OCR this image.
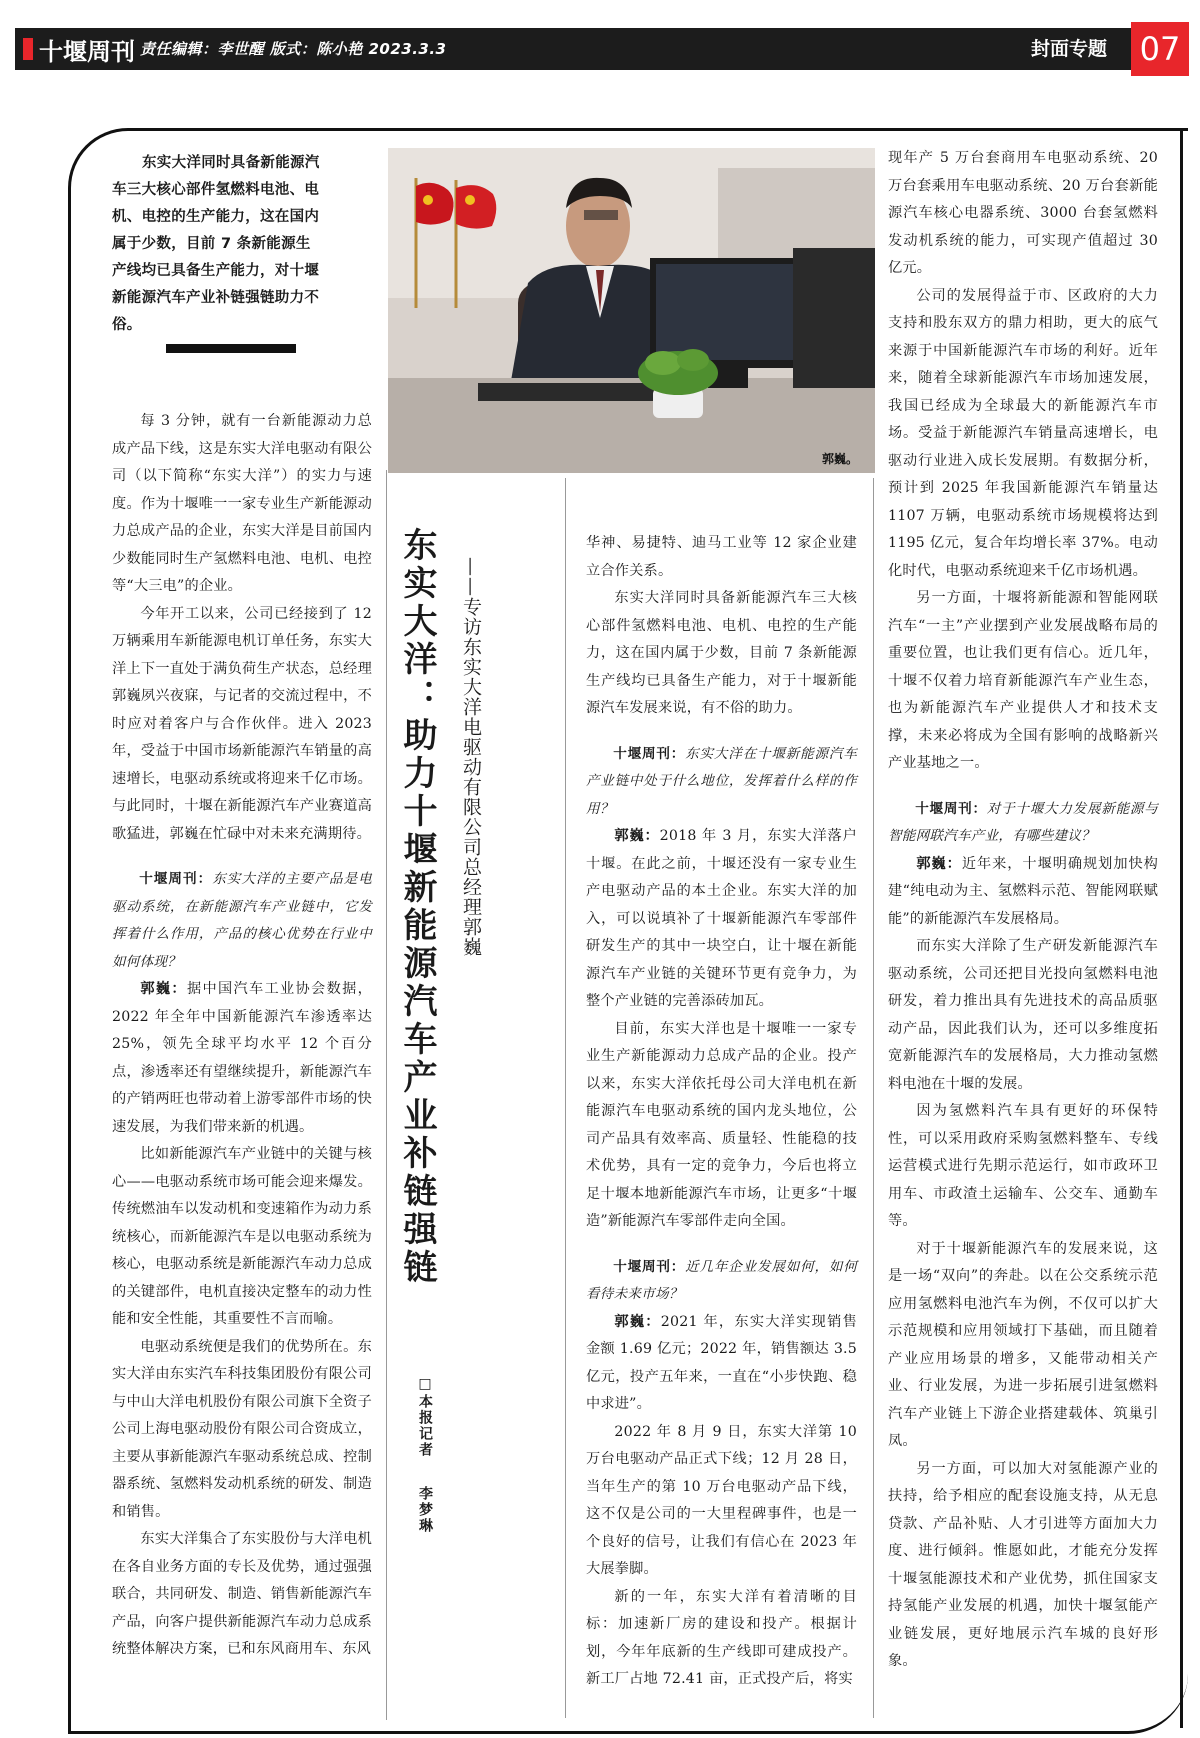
十堰周刊 责任编辑：李世醒 版式：陈小艳 2023.3.3	封面专题 07
东实大洋同时具备新能源汽车三大核心部件氢燃料电池、电机、电控的生产能力，这在国内属于少数，目前 7 条新能源生产线均已具备生产能力，对十堰新能源汽车产业补链强链助力不俗。
郭巍。
东实大洋：助力十堰新能源汽车产业补链强链 ——专访东实大洋电驱动有限公司总经理郭巍
□本报记者
李梦琳

每 3 分钟，就有一台新能源动力总成产品下线，这是东实大洋电驱动有限公司（以下简称“东实大洋”）的实力与速度。作为十堰唯一一家专业生产新能源动力总成产品的企业，东实大洋是目前国内少数能同时生产氢燃料电池、电机、电控等“大三电”的企业。

今年开工以来，公司已经接到了 12 万辆乘用车新能源电机订单任务，东实大洋上下一直处于满负荷生产状态，总经理郭巍夙兴夜寐，与记者的交流过程中，不时应对着客户与合作伙伴。进入 2023 年，受益于中国市场新能源汽车销量的高速增长，电驱动系统或将迎来千亿市场。与此同时，十堰在新能源汽车产业赛道高歌猛进，郭巍在忙碌中对未来充满期待。

十堰周刊：东实大洋的主要产品是电驱动系统，在新能源汽车产业链中，它发挥着什么作用，产品的核心优势在行业中如何体现？

郭巍：据中国汽车工业协会数据，2022 年全年中国新能源汽车渗透率达 25%，领先全球平均水平 12 个百分点，渗透率还有望继续提升，新能源汽车的产销两旺也带动着上游零部件市场的快速发展，为我们带来新的机遇。

比如新能源汽车产业链中的关键与核心——电驱动系统市场可能会迎来爆发。传统燃油车以发动机和变速箱作为动力系统核心，而新能源汽车是以电驱动系统为核心，电驱动系统是新能源汽车动力总成的关键部件，电机直接决定整车的动力性能和安全性能，其重要性不言而喻。

电驱动系统便是我们的优势所在。东实大洋由东实汽车科技集团股份有限公司与中山大洋电机股份有限公司旗下全资子公司上海电驱动股份有限公司合资成立，主要从事新能源汽车驱动系统总成、控制器系统、氢燃料发动机系统的研发、制造和销售。

东实大洋集合了东实股份与大洋电机在各自业务方面的专长及优势，通过强强联合，共同研发、制造、销售新能源汽车产品，向客户提供新能源汽车动力总成系统整体解决方案，已和东风商用车、东风

华神、易捷特、迪马工业等 12 家企业建立合作关系。

东实大洋同时具备新能源汽车三大核心部件氢燃料电池、电机、电控的生产能力，这在国内属于少数，目前 7 条新能源生产线均已具备生产能力，对于十堰新能源汽车发展来说，有不俗的助力。

十堰周刊：东实大洋在十堰新能源汽车产业链中处于什么地位，发挥着什么样的作用？

郭巍：2018 年 3 月，东实大洋落户十堰。在此之前，十堰还没有一家专业生产电驱动产品的本土企业。东实大洋的加入，可以说填补了十堰新能源汽车零部件研发生产的其中一块空白，让十堰在新能源汽车产业链的关键环节更有竞争力，为整个产业链的完善添砖加瓦。

目前，东实大洋也是十堰唯一一家专业生产新能源动力总成产品的企业。投产以来，东实大洋依托母公司大洋电机在新能源汽车电驱动系统的国内龙头地位，公司产品具有效率高、质量轻、性能稳的技术优势，具有一定的竞争力，今后也将立足十堰本地新能源汽车市场，让更多“十堰造”新能源汽车零部件走向全国。

十堰周刊：近几年企业发展如何，如何看待未来市场？

郭巍：2021 年，东实大洋实现销售金额 1.69 亿元；2022 年，销售额达 3.5 亿元，投产五年来，一直在“小步快跑、稳中求进”。

2022 年 8 月 9 日，东实大洋第 10 万台电驱动产品正式下线；12 月 28 日，当年生产的第 10 万台电驱动产品下线，这不仅是公司的一大里程碑事件，也是一个良好的信号，让我们有信心在 2023 年大展拳脚。

新的一年，东实大洋有着清晰的目标：加速新厂房的建设和投产。根据计划，今年年底新的生产线即可建成投产。新工厂占地 72.41 亩，正式投产后，将实

现年产 5 万台套商用车电驱动系统、20 万台套乘用车电驱动系统、20 万台套新能源汽车核心电器系统、3000 台套氢燃料发动机系统的能力，可实现产值超过 30 亿元。

公司的发展得益于市、区政府的大力支持和股东双方的鼎力相助，更大的底气来源于中国新能源汽车市场的利好。近年来，随着全球新能源汽车市场加速发展，我国已经成为全球最大的新能源汽车市场。受益于新能源汽车销量高速增长，电驱动行业进入成长发展期。有数据分析，预计到 2025 年我国新能源汽车销量达 1107 万辆，电驱动系统市场规模将达到 1195 亿元，复合年均增长率 37%。电动化时代，电驱动系统迎来千亿市场机遇。

另一方面，十堰将新能源和智能网联汽车“一主”产业摆到产业发展战略布局的重要位置，也让我们更有信心。近几年，十堰不仅着力培育新能源汽车产业生态，也为新能源汽车产业提供人才和技术支撑，未来必将成为全国有影响的战略新兴产业基地之一。

十堰周刊：对于十堰大力发展新能源与智能网联汽车产业，有哪些建议？

郭巍：近年来，十堰明确规划加快构建“纯电动为主、氢燃料示范、智能网联赋能”的新能源汽车发展格局。

而东实大洋除了生产研发新能源汽车驱动系统，公司还把目光投向氢燃料电池研发，着力推出具有先进技术的高品质驱动产品，因此我们认为，还可以多维度拓宽新能源汽车的发展格局，大力推动氢燃料电池在十堰的发展。

因为氢燃料汽车具有更好的环保特性，可以采用政府采购氢燃料整车、专线运营模式进行先期示范运行，如市政环卫用车、市政渣土运输车、公交车、通勤车等。

对于十堰新能源汽车的发展来说，这是一场“双向”的奔赴。以在公交系统示范应用氢燃料电池汽车为例，不仅可以扩大示范规模和应用领域打下基础，而且随着产业应用场景的增多，又能带动相关产业、行业发展，为进一步拓展引进氢燃料汽车产业链上下游企业搭建载体、筑巢引凤。

另一方面，可以加大对氢能源产业的扶持，给予相应的配套设施支持，从无息贷款、产品补贴、人才引进等方面加大力度、进行倾斜。惟愿如此，才能充分发挥十堰氢能源技术和产业优势，抓住国家支持氢能产业发展的机遇，加快十堰氢能产业链发展，更好地展示汽车城的良好形象。
